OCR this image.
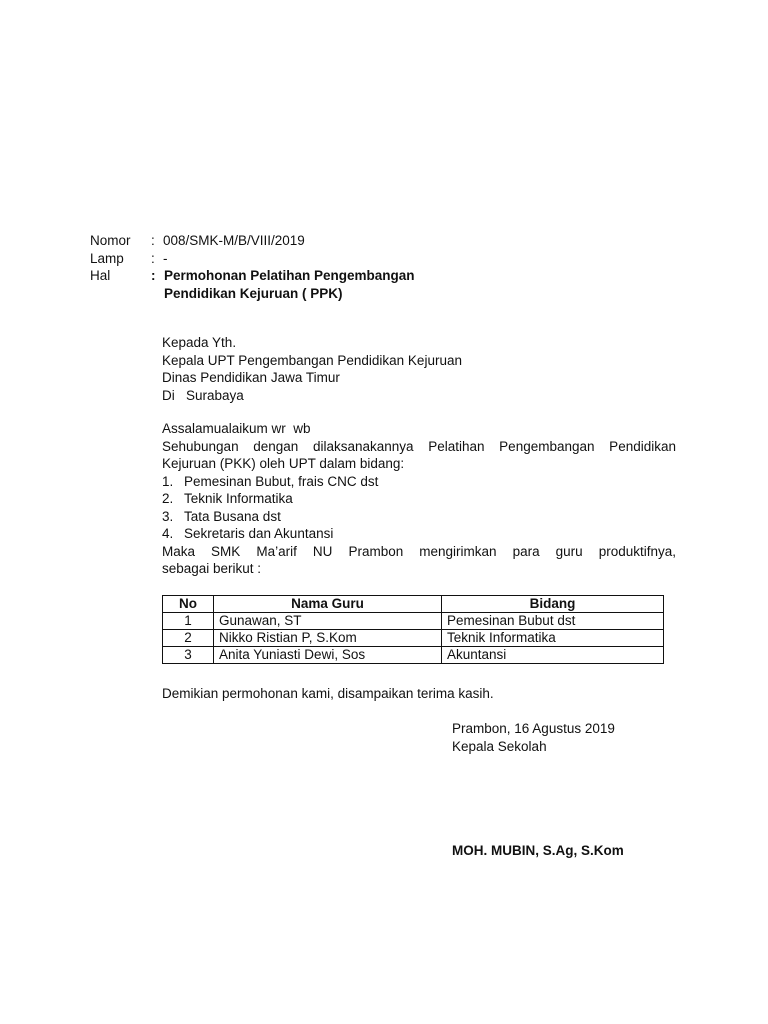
Nomor	: 008/SMK-M/B/VIII/2019
Lamp	: -
Hal	: Permohonan Pelatihan Pengembangan
Pendidikan Kejuruan ( PPK)
Kepada Yth.
Kepala UPT Pengembangan Pendidikan Kejuruan
Dinas Pendidikan Jawa Timur
Di   Surabaya
Assalamualaikum wr  wb
Sehubungan dengan dilaksanakannya Pelatihan Pengembangan Pendidikan
Kejuruan (PKK) oleh UPT dalam bidang:
1. Pemesinan Bubut, frais CNC dst
2. Teknik Informatika
3. Tata Busana dst
4. Sekretaris dan Akuntansi
Maka SMK Ma’arif NU Prambon mengirimkan para guru produktifnya,
sebagai berikut :
No	Nama Guru	Bidang
1	Gunawan, ST	Pemesinan Bubut dst
2	Nikko Ristian P, S.Kom	Teknik Informatika
3	Anita Yuniasti Dewi, Sos	Akuntansi
Demikian permohonan kami, disampaikan terima kasih.
Prambon, 16 Agustus 2019
Kepala Sekolah
MOH. MUBIN, S.Ag, S.Kom
